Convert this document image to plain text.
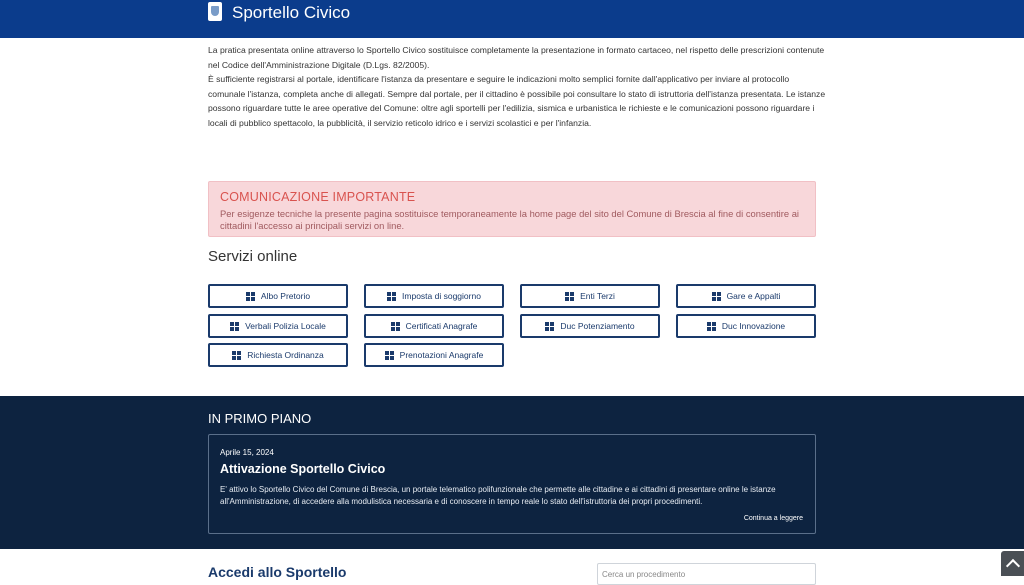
Sportello Civico

La pratica presentata online attraverso lo Sportello Civico sostituisce completamente la presentazione in formato cartaceo, nel rispetto delle prescrizioni contenute nel Codice dell'Amministrazione Digitale (D.Lgs. 82/2005).

È sufficiente registrarsi al portale, identificare l'istanza da presentare e seguire le indicazioni molto semplici fornite dall'applicativo per inviare al protocollo comunale l'istanza, completa anche di allegati. Sempre dal portale, per il cittadino è possibile poi consultare lo stato di istruttoria dell'istanza presentata. Le istanze possono riguardare tutte le aree operative del Comune: oltre agli sportelli per l'edilizia, sismica e urbanistica le richieste e le comunicazioni possono riguardare i locali di pubblico spettacolo, la pubblicità, il servizio reticolo idrico e i servizi scolastici e per l'infanzia.

COMUNICAZIONE IMPORTANTE
Per esigenze tecniche la presente pagina sostituisce temporaneamente la home page del sito del Comune di Brescia al fine di consentire ai cittadini l'accesso ai principali servizi on line.
Servizi online
Albo Pretorio	Imposta di soggiorno	Enti Terzi	Gare e Appalti
Verbali Polizia Locale	Certificati Anagrafe	Duc Potenziamento	Duc Innovazione
Richiesta Ordinanza	Prenotazioni Anagrafe
IN PRIMO PIANO
Aprile 15, 2024
Attivazione Sportello Civico
E' attivo lo Sportello Civico del Comune di Brescia, un portale telematico polifunzionale che permette alle cittadine e ai cittadini di presentare online le istanze all'Amministrazione, di accedere alla modulistica necessaria e di conoscere in tempo reale lo stato dell'istruttoria dei propri procedimenti.
Continua a leggere
Accedi allo Sportello
Cerca un procedimento
